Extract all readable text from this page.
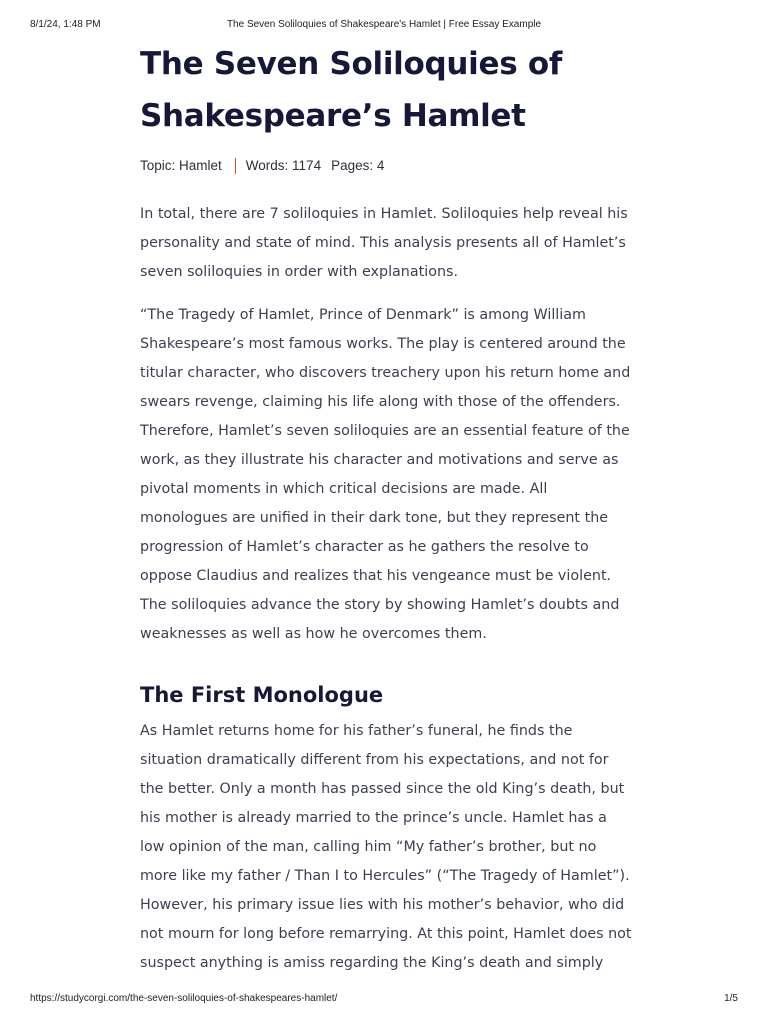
8/1/24, 1:48 PM	The Seven Soliloquies of Shakespeare's Hamlet | Free Essay Example
The Seven Soliloquies of
Shakespeare’s Hamlet
Topic: Hamlet Words: 1174 Pages: 4

In total, there are 7 soliloquies in Hamlet. Soliloquies help reveal his personality and state of mind. This analysis presents all of Hamlet’s seven soliloquies in order with explanations.

“The Tragedy of Hamlet, Prince of Denmark” is among William Shakespeare’s most famous works. The play is centered around the titular character, who discovers treachery upon his return home and swears revenge, claiming his life along with those of the offenders. Therefore, Hamlet’s seven soliloquies are an essential feature of the work, as they illustrate his character and motivations and serve as pivotal moments in which critical decisions are made. All monologues are unified in their dark tone, but they represent the progression of Hamlet’s character as he gathers the resolve to oppose Claudius and realizes that his vengeance must be violent. The soliloquies advance the story by showing Hamlet’s doubts and weaknesses as well as how he overcomes them.

The First Monologue

As Hamlet returns home for his father’s funeral, he finds the situation dramatically different from his expectations, and not for the better. Only a month has passed since the old King’s death, but his mother is already married to the prince’s uncle. Hamlet has a low opinion of the man, calling him “My father’s brother, but no more like my father / Than I to Hercules” (“The Tragedy of Hamlet”). However, his primary issue lies with his mother’s behavior, who did not mourn for long before remarrying. At this point, Hamlet does not suspect anything is amiss regarding the King’s death and simply

https://studycorgi.com/the-seven-soliloquies-of-shakespeares-hamlet/	1/5
